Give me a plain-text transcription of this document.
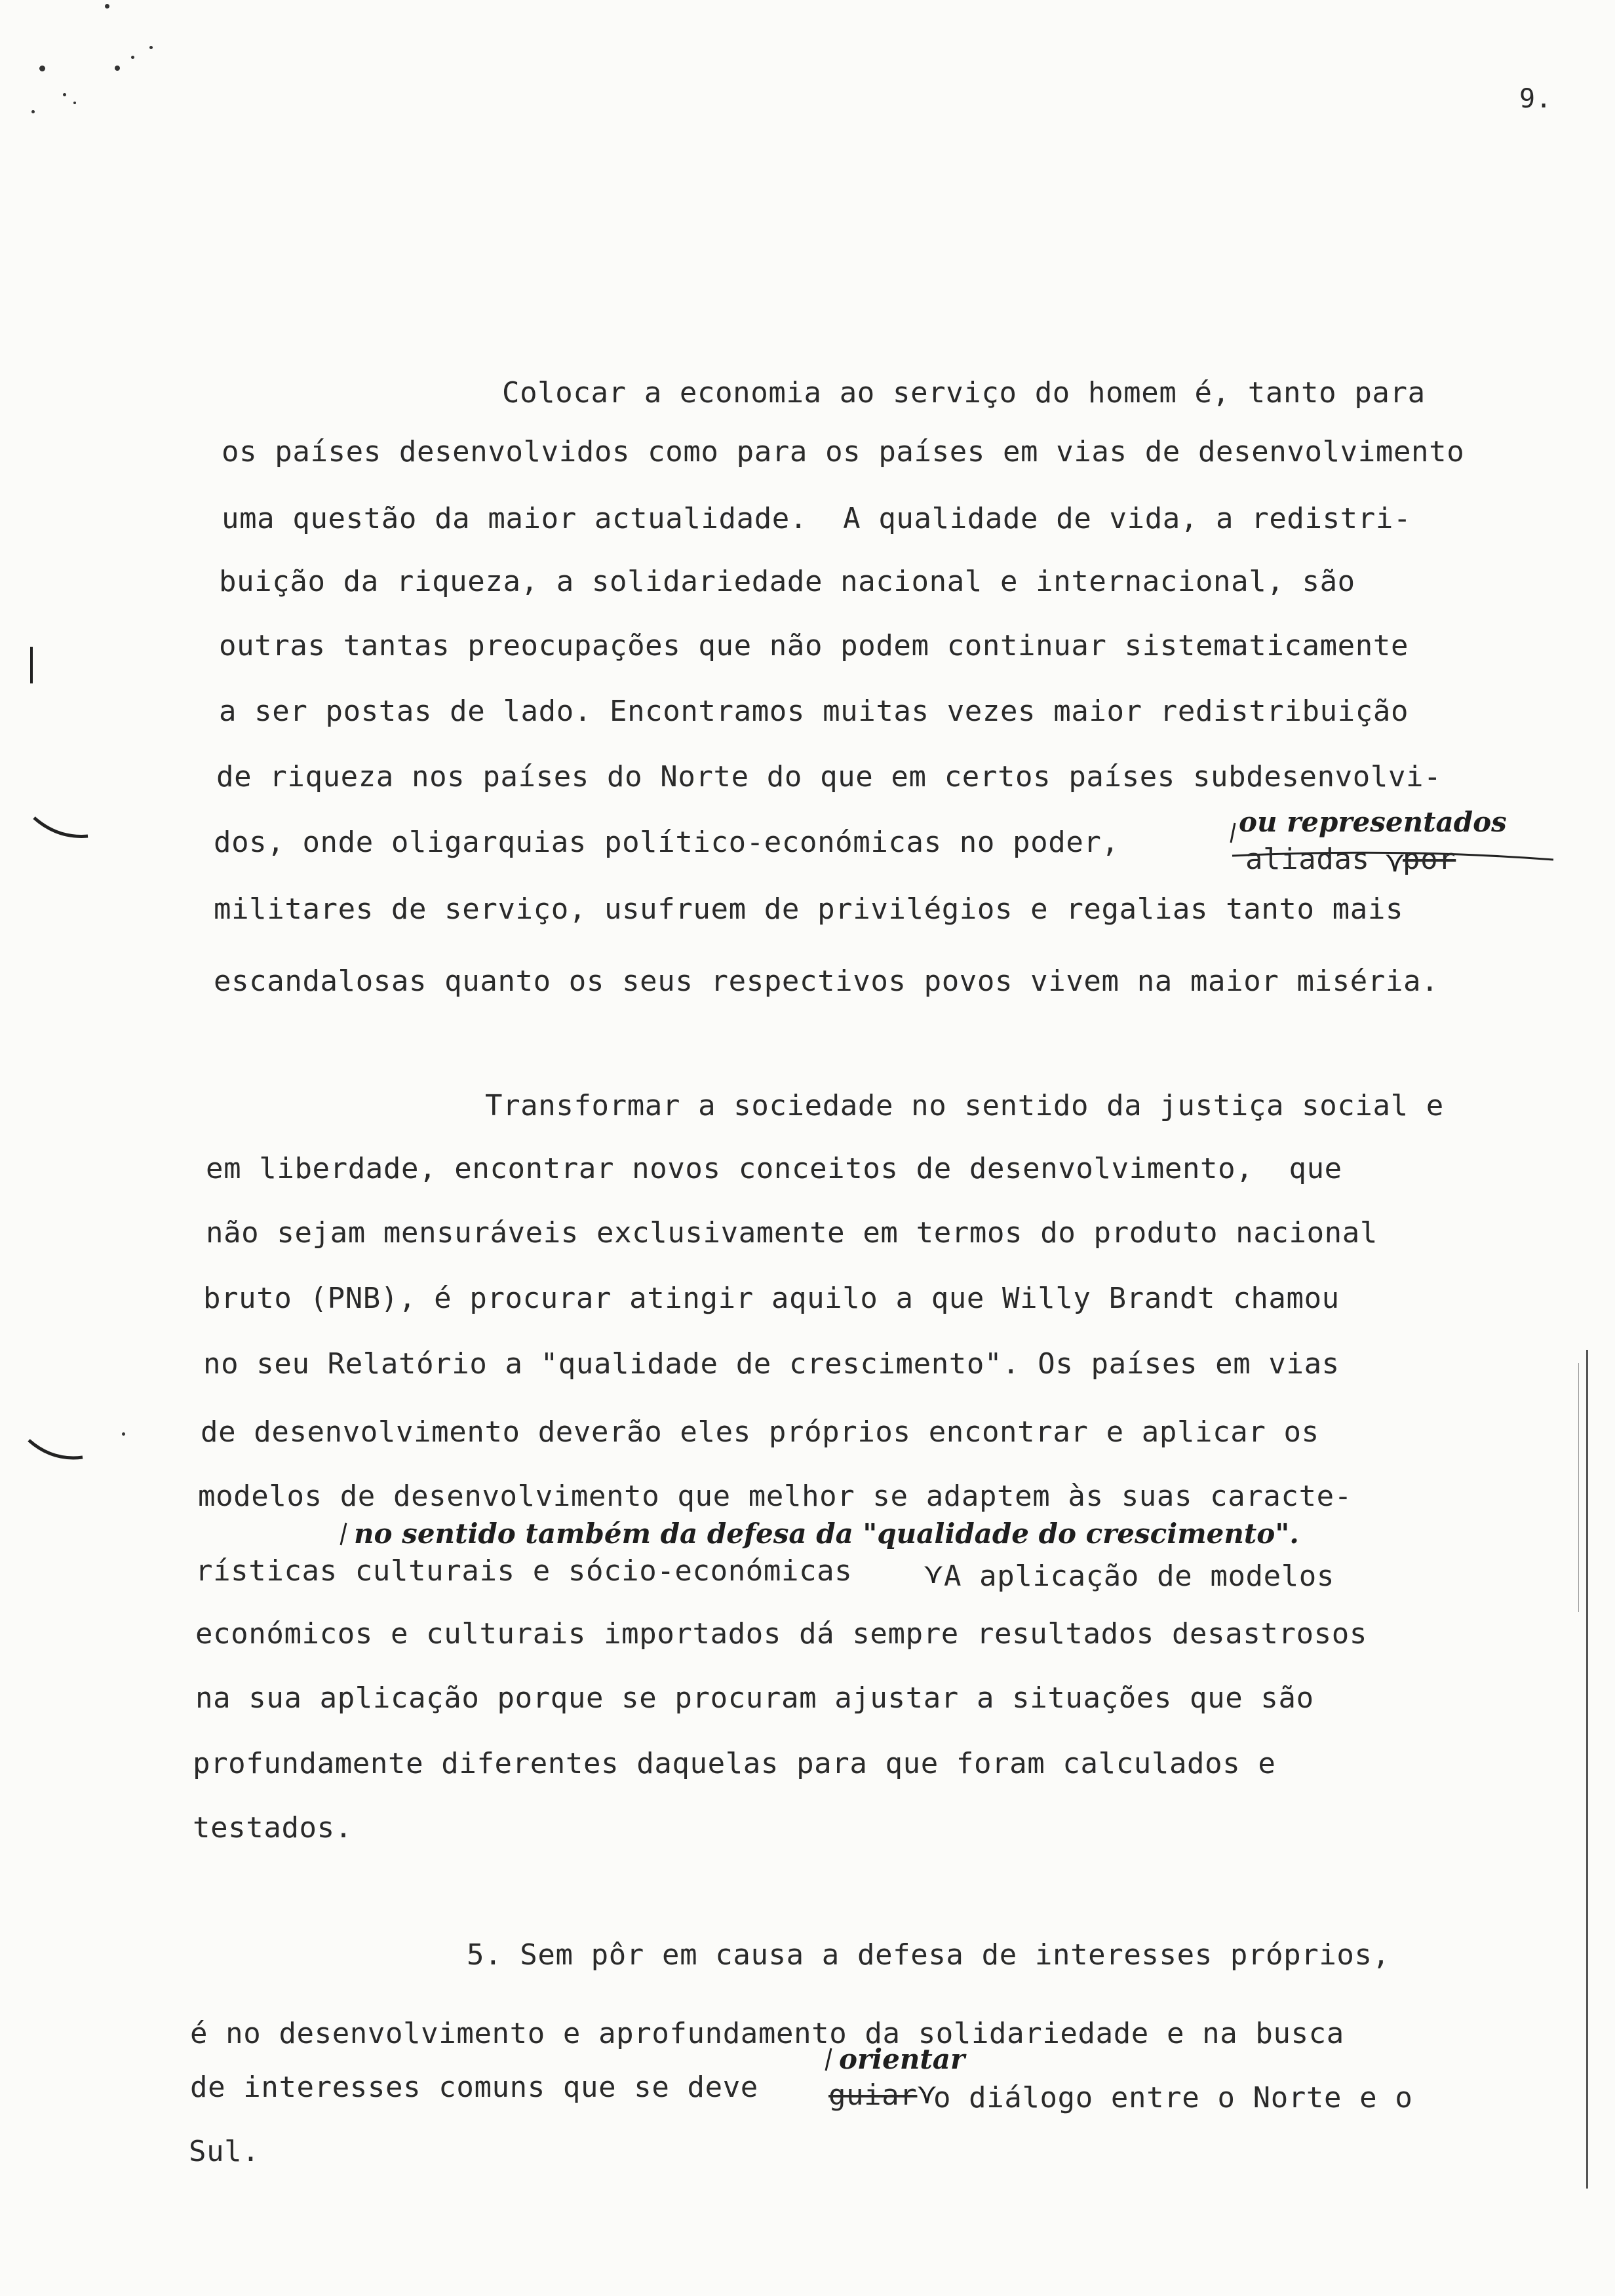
9.
Colocar a economia ao serviço do homem é, tanto para
os países desenvolvidos como para os países em vias de desenvolvimento
uma questão da maior actualidade.  A qualidade de vida, a redistri-
buição da riqueza, a solidariedade nacional e internacional, são
outras tantas preocupações que não podem continuar sistematicamente
a ser postas de lado. Encontramos muitas vezes maior redistribuição
de riqueza nos países do Norte do que em certos países subdesenvolvi-
ou representados
dos, onde oligarquias político-económicas no poder,
aliadas ⋎
por
militares de serviço, usufruem de privilégios e regalias tanto mais
escandalosas quanto os seus respectivos povos vivem na maior miséria.
Transformar a sociedade no sentido da justiça social e
em liberdade, encontrar novos conceitos de desenvolvimento,  que
não sejam mensuráveis exclusivamente em termos do produto nacional
bruto (PNB), é procurar atingir aquilo a que Willy Brandt chamou
no seu Relatório a "qualidade de crescimento". Os países em vias
de desenvolvimento deverão eles próprios encontrar e aplicar os
modelos de desenvolvimento que melhor se adaptem às suas caracte-
no sentido também da defesa da "qualidade do crescimento".
rísticas culturais e sócio-económicas ⋎ A aplicação de modelos
económicos e culturais importados dá sempre resultados desastrosos
na sua aplicação porque se procuram ajustar a situações que são
profundamente diferentes daquelas para que foram calculados e
testados.
5. Sem pôr em causa a defesa de interesses próprios,
é no desenvolvimento e aprofundamento da solidariedade e na busca
orientar
de interesses comuns que se deve guiar
⋎
o diálogo entre o Norte e o
Sul.
